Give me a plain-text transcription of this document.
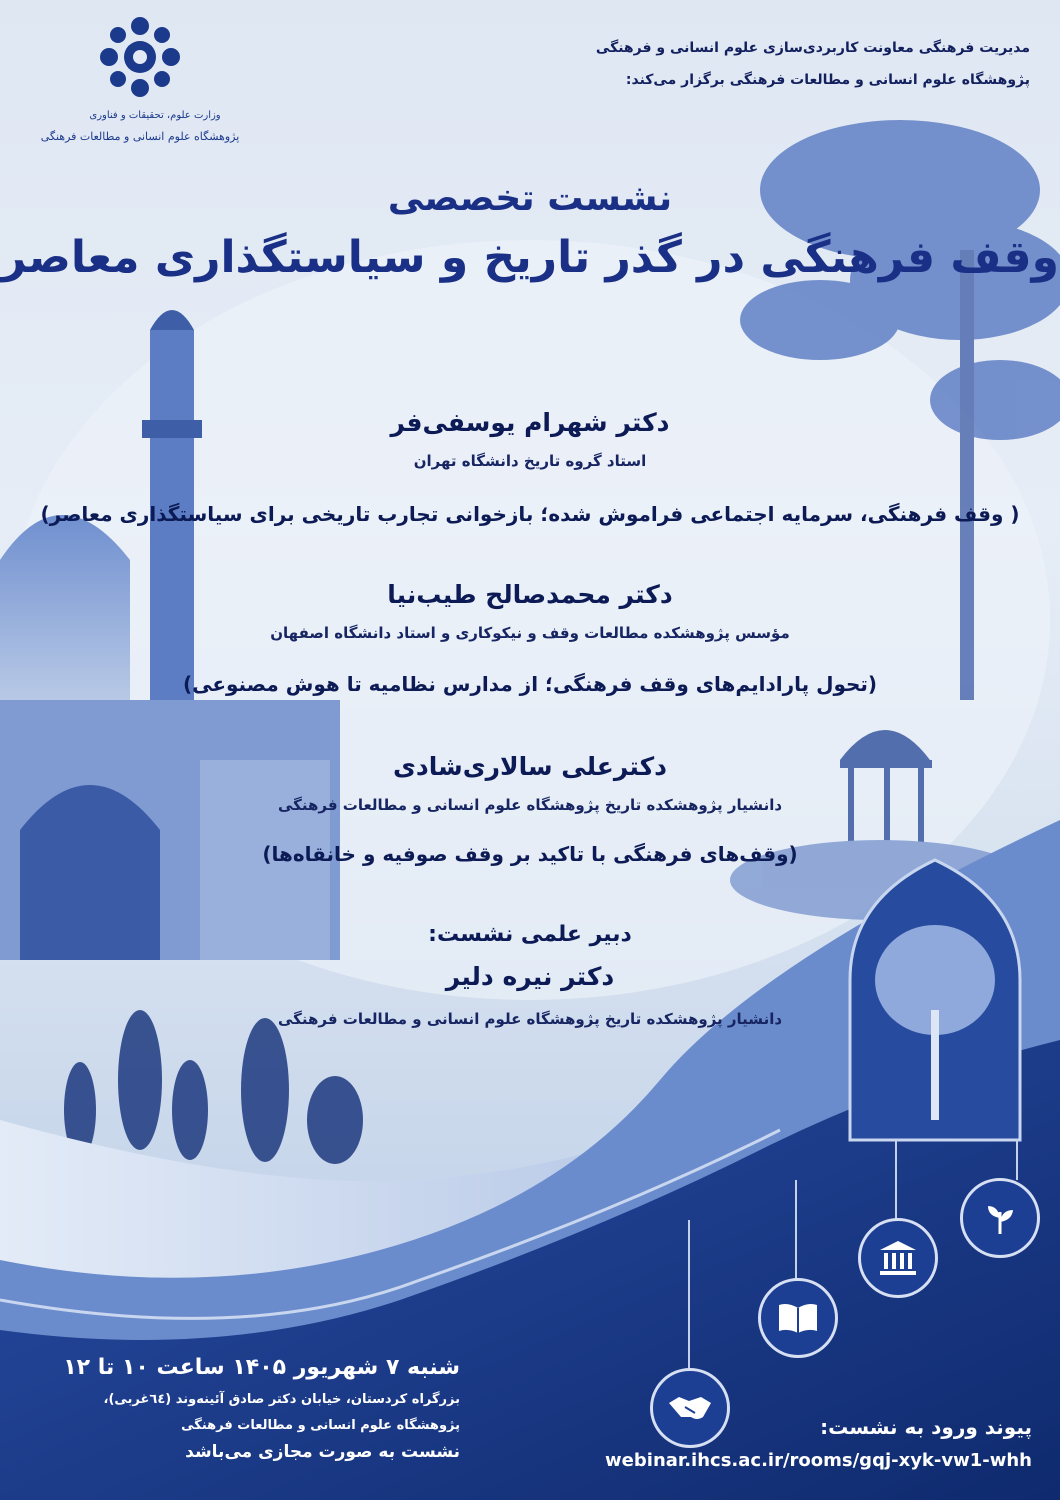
وزارت علوم، تحقیقات و فناوری
پژوهشگاه علوم انسانی و مطالعات فرهنگی
مدیریت فرهنگی معاونت کاربردی‌سازی علوم انسانی و فرهنگی
پژوهشگاه علوم انسانی و مطالعات فرهنگی برگزار می‌کند:
نشست تخصصی
وقف فرهنگی در گذر تاریخ و سیاستگذاری معاصر
دکتر شهرام یوسفی‌فر
استاد گروه تاریخ دانشگاه تهران
( وقف فرهنگی، سرمایه اجتماعی فراموش شده؛ بازخوانی تجارب تاریخی برای سیاستگذاری معاصر)
دکتر محمدصالح طیب‌نیا
مؤسس پژوهشکده مطالعات وقف و نیکوکاری و استاد دانشگاه اصفهان
(تحول پارادایم‌های وقف فرهنگی؛ از مدارس نظامیه تا هوش مصنوعی)
دکترعلی سالاری‌شادی
دانشیار پژوهشکده تاریخ پژوهشگاه علوم انسانی و مطالعات فرهنگی
(وقف‌های فرهنگی با تاکید بر وقف صوفیه و خانقاه‌ها)
دبیر علمی نشست:
دکتر نیره دلیر
دانشیار پژوهشکده تاریخ پژوهشگاه علوم انسانی و مطالعات فرهنگی
شنبه ۷ شهریور ۱۴۰۵ ساعت ۱۰ تا ۱۲
بزرگراه کردستان، خیابان دکتر صادق آئینه‌وند (٦٤غربی)،
پژوهشگاه علوم انسانی و مطالعات فرهنگی
نشست به صورت مجازی می‌باشد
پیوند ورود به نشست:
webinar.ihcs.ac.ir/rooms/gqj-xyk-vw1-whh
